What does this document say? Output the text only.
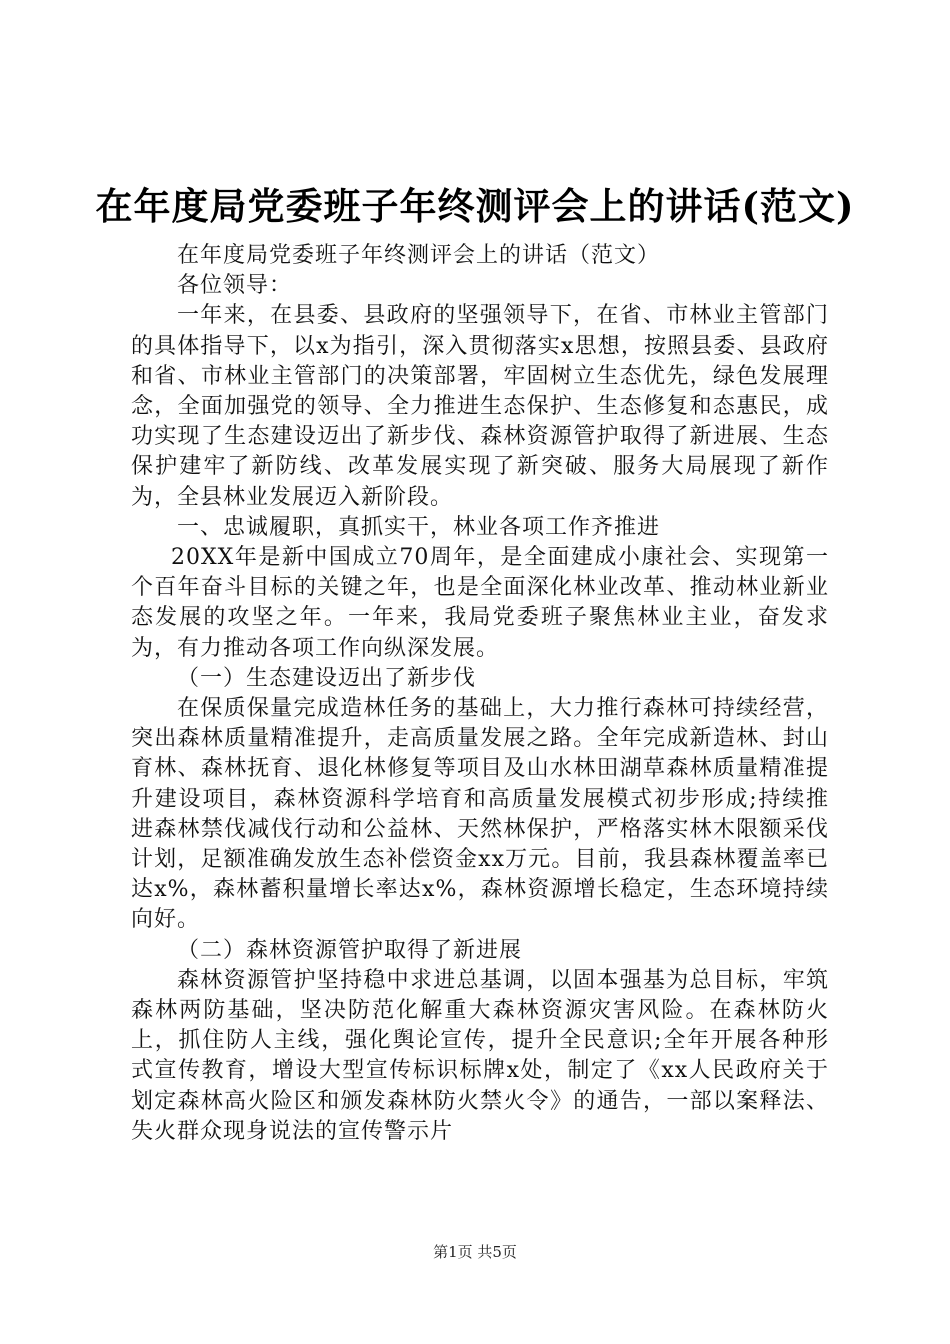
在年度局党委班子年终测评会上的讲话(范文)

在年度局党委班子年终测评会上的讲话（范文）

各位领导：

一年来，在县委、县政府的坚强领导下，在省、市林业主管部门的具体指导下，以x为指引，深入贯彻落实x思想，按照县委、县政府和省、市林业主管部门的决策部署，牢固树立生态优先，绿色发展理念，全面加强党的领导、全力推进生态保护、生态修复和态惠民，成功实现了生态建设迈出了新步伐、森林资源管护取得了新进展、生态保护建牢了新防线、改革发展实现了新突破、服务大局展现了新作为，全县林业发展迈入新阶段。

一、忠诚履职，真抓实干，林业各项工作齐推进

20XX年是新中国成立70周年，是全面建成小康社会、实现第一个百年奋斗目标的关键之年，也是全面深化林业改革、推动林业新业态发展的攻坚之年。一年来，我局党委班子聚焦林业主业，奋发求为，有力推动各项工作向纵深发展。

（一）生态建设迈出了新步伐

在保质保量完成造林任务的基础上，大力推行森林可持续经营，突出森林质量精准提升，走高质量发展之路。全年完成新造林、封山育林、森林抚育、退化林修复等项目及山水林田湖草森林质量精准提升建设项目，森林资源科学培育和高质量发展模式初步形成;持续推进森林禁伐减伐行动和公益林、天然林保护，严格落实林木限额采伐计划，足额准确发放生态补偿资金xx万元。目前，我县森林覆盖率已达x%，森林蓄积量增长率达x%，森林资源增长稳定，生态环境持续向好。

（二）森林资源管护取得了新进展

森林资源管护坚持稳中求进总基调，以固本强基为总目标，牢筑森林两防基础，坚决防范化解重大森林资源灾害风险。在森林防火上，抓住防人主线，强化舆论宣传，提升全民意识;全年开展各种形式宣传教育，增设大型宣传标识标牌x处，制定了《xx人民政府关于划定森林高火险区和颁发森林防火禁火令》的通告，一部以案释法、失火群众现身说法的宣传警示片

第1页 共5页
